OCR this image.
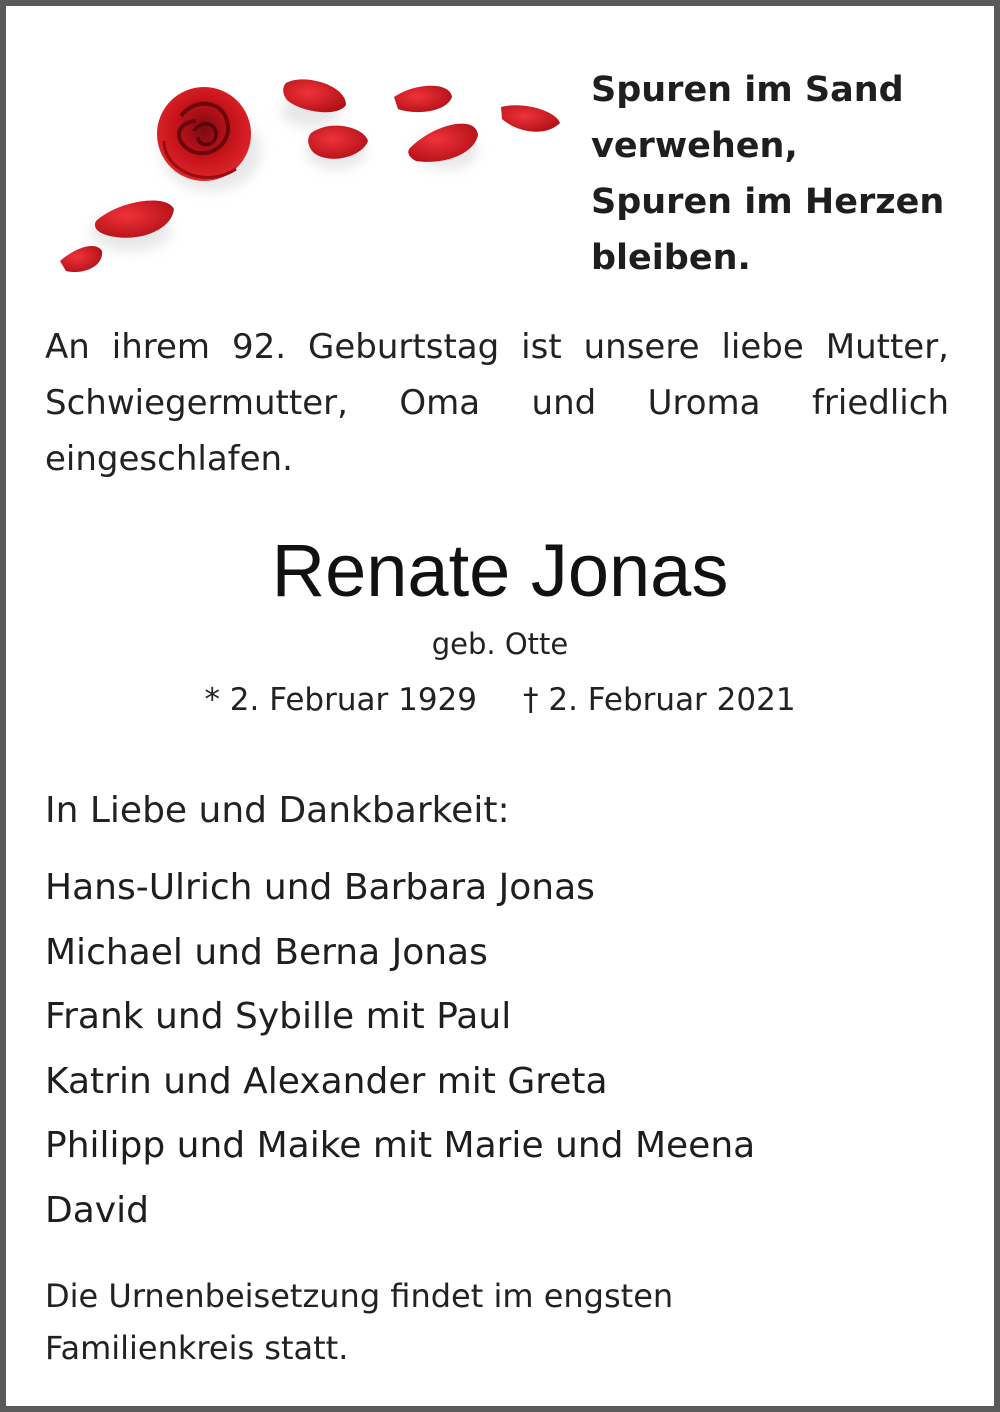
Spuren im Sand
verwehen,
Spuren im Herzen
bleiben.
An ihrem 92. Geburtstag ist unsere liebe Mutter, Schwiegermutter, Oma und Uroma friedlich eingeschlafen.
Renate Jonas
geb. Otte
* 2. Februar 1929 † 2. Februar 2021
In Liebe und Dankbarkeit:
Hans-Ulrich und Barbara Jonas
Michael und Berna Jonas
Frank und Sybille mit Paul
Katrin und Alexander mit Greta
Philipp und Maike mit Marie und Meena
David
Die Urnenbeisetzung findet im engsten
Familienkreis statt.
